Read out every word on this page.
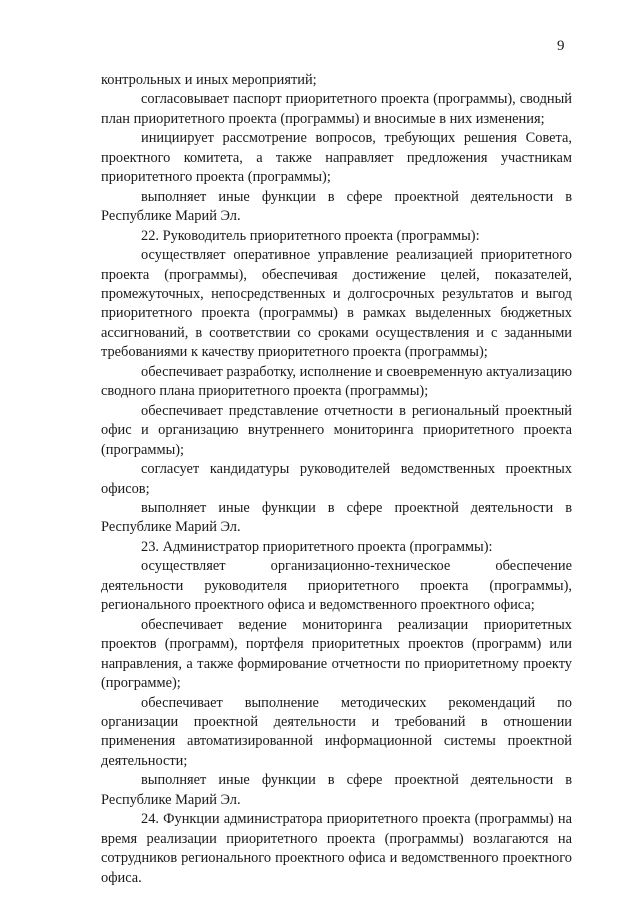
9

контрольных и иных мероприятий;

согласовывает паспорт приоритетного проекта (программы), сводный план приоритетного проекта (программы) и вносимые в них изменения;

инициирует рассмотрение вопросов, требующих решения Совета, проектного комитета, а также направляет предложения участникам приоритетного проекта (программы);

выполняет иные функции в сфере проектной деятельности в Республике Марий Эл.

22. Руководитель приоритетного проекта (программы):

осуществляет оперативное управление реализацией приоритетного проекта (программы), обеспечивая достижение целей, показателей, промежуточных, непосредственных и долгосрочных результатов и выгод приоритетного проекта (программы) в рамках выделенных бюджетных ассигнований, в соответствии со сроками осуществления и с заданными требованиями к качеству приоритетного проекта (программы);

обеспечивает разработку, исполнение и своевременную актуализацию сводного плана приоритетного проекта (программы);

обеспечивает представление отчетности в региональный проектный офис и организацию внутреннего мониторинга приоритетного проекта (программы);

согласует кандидатуры руководителей ведомственных проектных офисов;

выполняет иные функции в сфере проектной деятельности в Республике Марий Эл.

23. Администратор приоритетного проекта (программы):

осуществляет организационно-техническое обеспечение деятельности руководителя приоритетного проекта (программы), регионального проектного офиса и ведомственного проектного офиса;

обеспечивает ведение мониторинга реализации приоритетных проектов (программ), портфеля приоритетных проектов (программ) или направления, а также формирование отчетности по приоритетному проекту (программе);

обеспечивает выполнение методических рекомендаций по организации проектной деятельности и требований в отношении применения автоматизированной информационной системы проектной деятельности;

выполняет иные функции в сфере проектной деятельности в Республике Марий Эл.

24. Функции администратора приоритетного проекта (программы) на время реализации приоритетного проекта (программы) возлагаются на сотрудников регионального проектного офиса и ведомственного проектного офиса.
